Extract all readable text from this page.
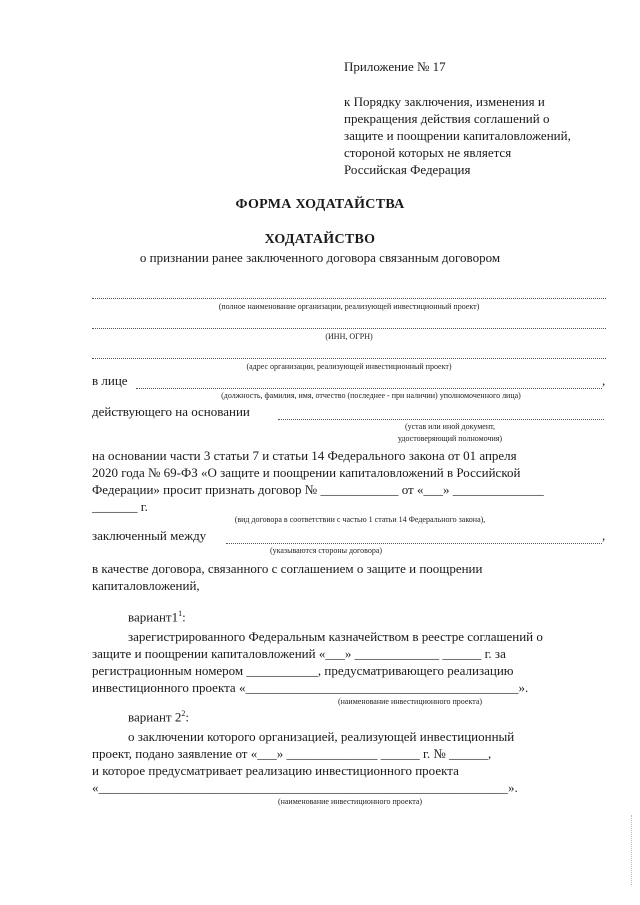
Приложение № 17

к Порядку заключения, изменения и

прекращения действия соглашений о

защите и поощрении капиталовложений,

стороной которых не является

Российская Федерация

ФОРМА ХОДАТАЙСТВА
ХОДАТАЙСТВО
о признании ранее заключенного договора связанным договором
(полное наименование организации, реализующей инвестиционный проект)
(ИНН, ОГРН)
(адрес организации, реализующей инвестиционный проект)
в лице	,
(должность, фамилия, имя, отчество (последнее - при наличии) уполномоченного лица)
действующего на основании
(устав или иной документ,
удостоверяющий полномочия)

на основании части 3 статьи 7 и статьи 14 Федерального закона от 01 апреля

2020 года № 69-ФЗ «О защите и поощрении капиталовложений в Российской

Федерации» просит признать договор № ____________ от «___» ______________

_______ г.

(вид договора в соответствии с частью 1 статьи 14 Федерального закона),
заключенный между	,
(указываются стороны договора)

в качестве договора, связанного с соглашением о защите и поощрении

капиталовложений,

$вариант1^1$:

зарегистрированного Федеральным казначейством в реестре соглашений о

защите и поощрении капиталовложений «___» _____________ ______ г. за

регистрационным номером ___________, предусматривающего реализацию

инвестиционного проекта «__________________________________________».

(наименование инвестиционного проекта)
вариант $2^2$:

о заключении которого организацией, реализующей инвестиционный

проект, подано заявление от «___» ______________ ______ г. № ______,

и которое предусматривает реализацию инвестиционного проекта

«_______________________________________________________________».

(наименование инвестиционного проекта)
